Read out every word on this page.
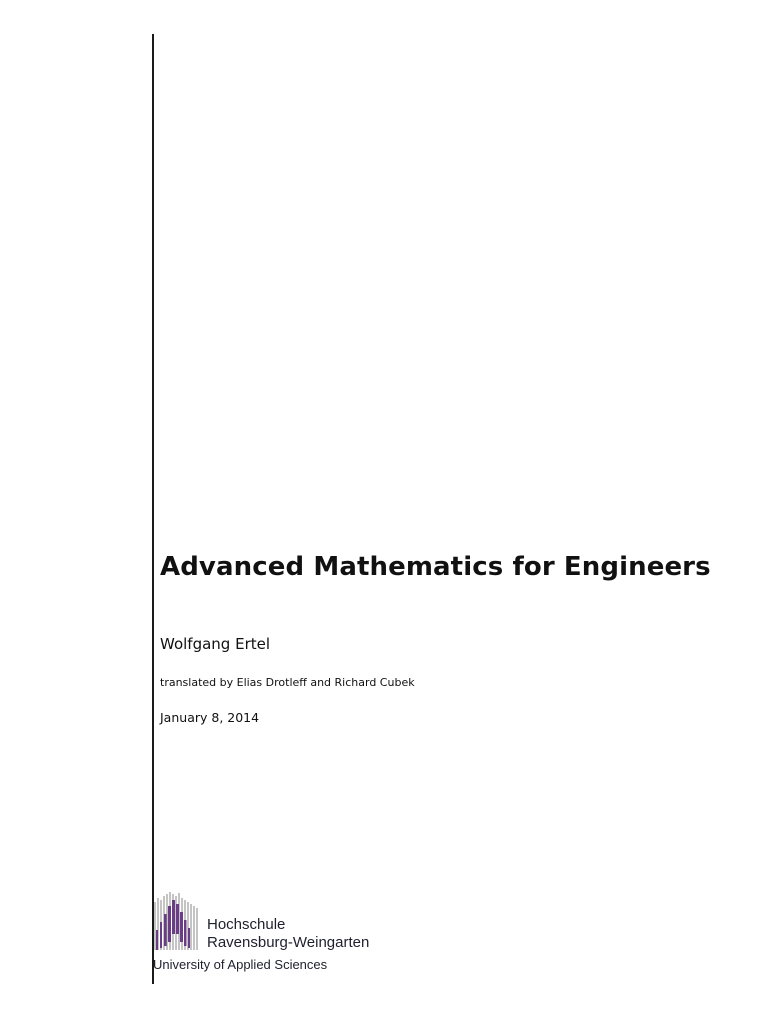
Advanced Mathematics for Engineers
Wolfgang Ertel
translated by Elias Drotleff and Richard Cubek
January 8, 2014
Hochschule
Ravensburg-Weingarten
University of Applied Sciences
